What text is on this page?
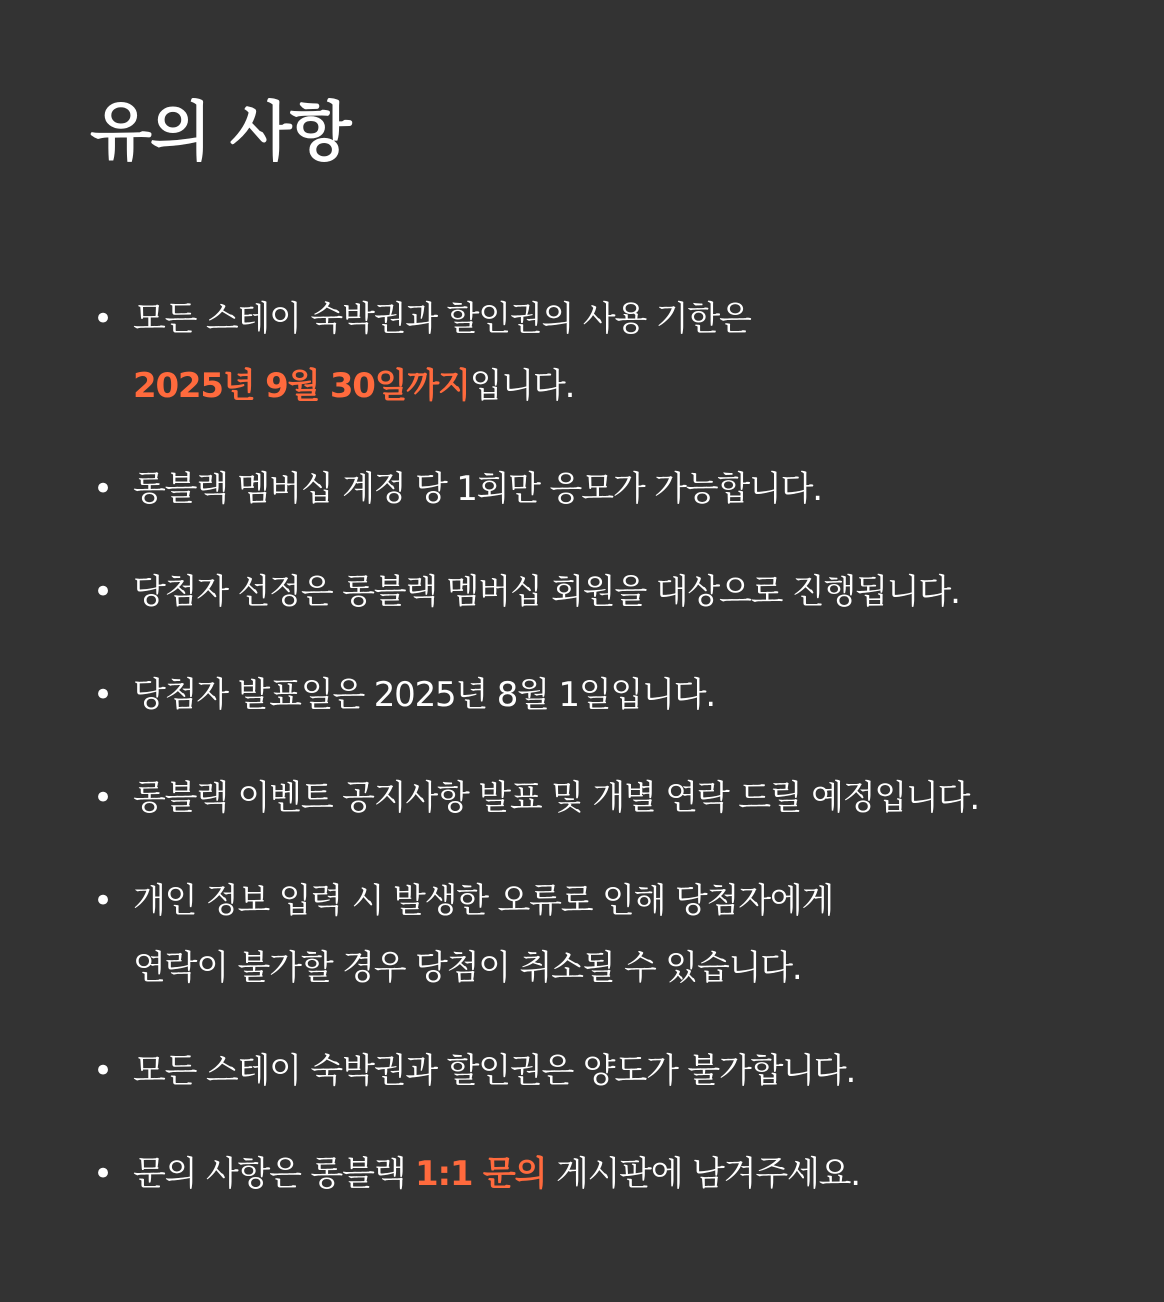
유의 사항
• 모든 스테이 숙박권과 할인권의 사용 기한은
2025년 9월 30일까지입니다.
• 롱블랙 멤버십 계정 당 1회만 응모가 가능합니다.
• 당첨자 선정은 롱블랙 멤버십 회원을 대상으로 진행됩니다.
• 당첨자 발표일은 2025년 8월 1일입니다.
• 롱블랙 이벤트 공지사항 발표 및 개별 연락 드릴 예정입니다.
• 개인 정보 입력 시 발생한 오류로 인해 당첨자에게
연락이 불가할 경우 당첨이 취소될 수 있습니다.
• 모든 스테이 숙박권과 할인권은 양도가 불가합니다.
• 문의 사항은 롱블랙 1:1 문의 게시판에 남겨주세요.
